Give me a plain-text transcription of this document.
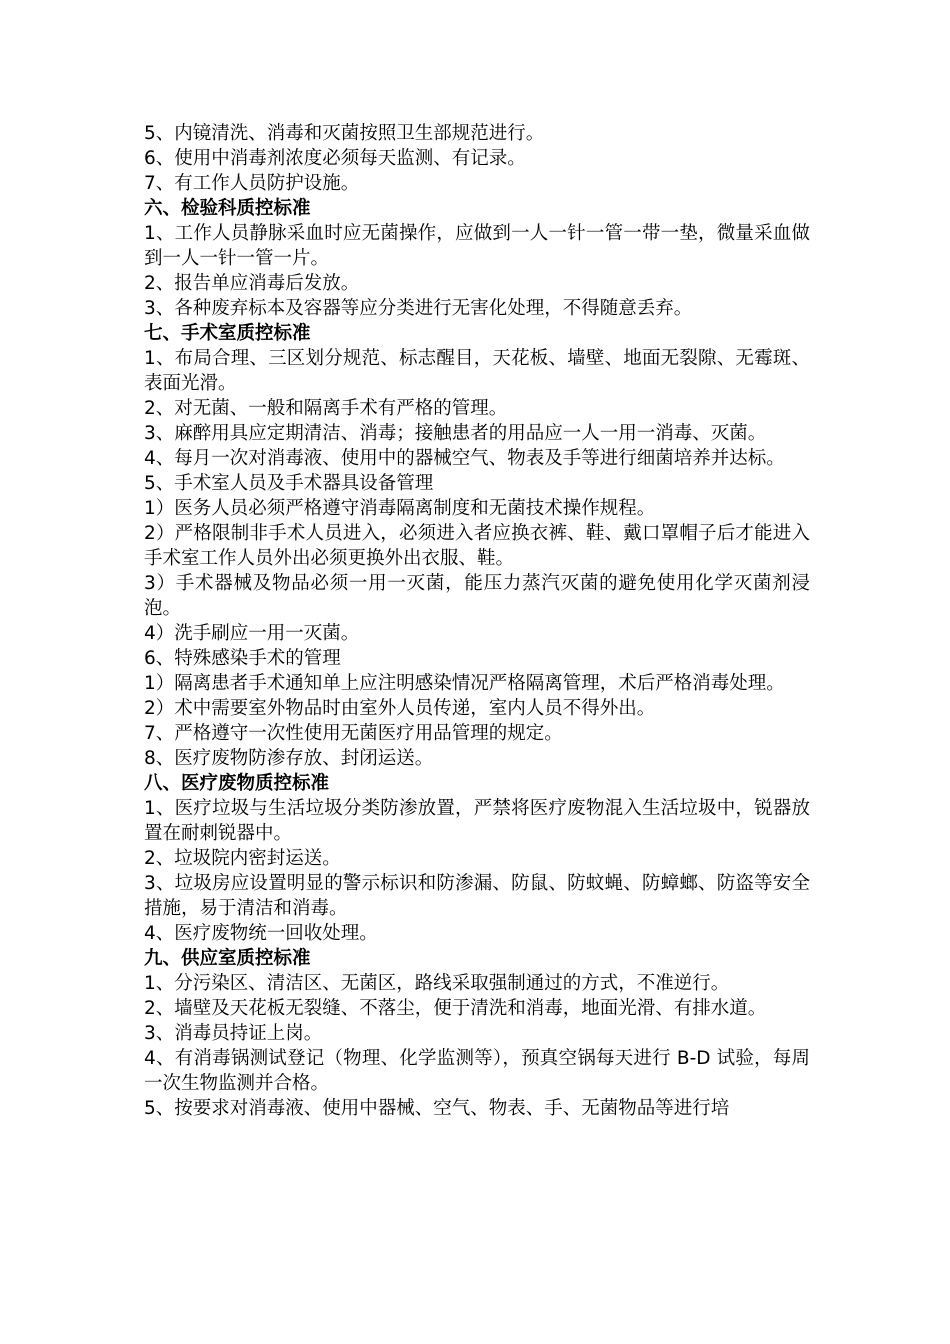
5、内镜清洗、消毒和灭菌按照卫生部规范进行。

6、使用中消毒剂浓度必须每天监测、有记录。

7、有工作人员防护设施。

六、检验科质控标准

1、工作人员静脉采血时应无菌操作，应做到一人一针一管一带一垫，微量采血做到一人一针一管一片。

2、报告单应消毒后发放。

3、各种废弃标本及容器等应分类进行无害化处理，不得随意丢弃。

七、手术室质控标准

1、布局合理、三区划分规范、标志醒目，天花板、墙壁、地面无裂隙、无霉斑、表面光滑。

2、对无菌、一般和隔离手术有严格的管理。

3、麻醉用具应定期清洁、消毒；接触患者的用品应一人一用一消毒、灭菌。

4、每月一次对消毒液、使用中的器械空气、物表及手等进行细菌培养并达标。

5、手术室人员及手术器具设备管理

1）医务人员必须严格遵守消毒隔离制度和无菌技术操作规程。

2）严格限制非手术人员进入，必须进入者应换衣裤、鞋、戴口罩帽子后才能进入手术室工作人员外出必须更换外出衣服、鞋。

3）手术器械及物品必须一用一灭菌，能压力蒸汽灭菌的避免使用化学灭菌剂浸泡。

4）洗手刷应一用一灭菌。

6、特殊感染手术的管理

1）隔离患者手术通知单上应注明感染情况严格隔离管理，术后严格消毒处理。

2）术中需要室外物品时由室外人员传递，室内人员不得外出。

7、严格遵守一次性使用无菌医疗用品管理的规定。

8、医疗废物防渗存放、封闭运送。

八、医疗废物质控标准

1、医疗垃圾与生活垃圾分类防渗放置，严禁将医疗废物混入生活垃圾中，锐器放置在耐刺锐器中。

2、垃圾院内密封运送。

3、垃圾房应设置明显的警示标识和防渗漏、防鼠、防蚊蝇、防蟑螂、防盗等安全措施，易于清洁和消毒。

4、医疗废物统一回收处理。

九、供应室质控标准

1、分污染区、清洁区、无菌区，路线采取强制通过的方式，不准逆行。

2、墙壁及天花板无裂缝、不落尘，便于清洗和消毒，地面光滑、有排水道。

3、消毒员持证上岗。

4、有消毒锅测试登记（物理、化学监测等），预真空锅每天进行 B-D 试验，每周一次生物监测并合格。

5、按要求对消毒液、使用中器械、空气、物表、手、无菌物品等进行培
